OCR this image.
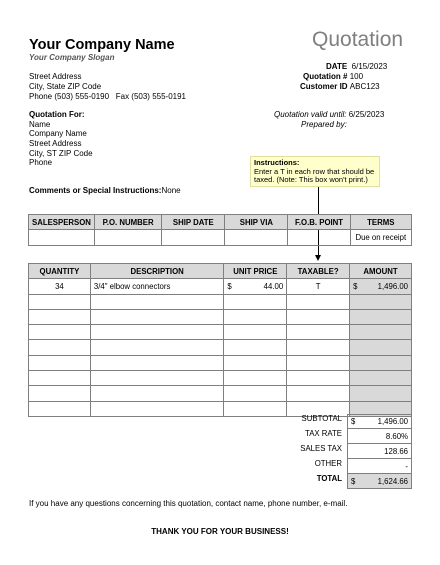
Your Company Name
Your Company Slogan
Quotation
Street Address
City, State ZIP Code
Phone (503) 555-0190 Fax (503) 555-0191
DATE 6/15/2023
Quotation # 100
Customer ID ABC123
Quotation valid until: 6/25/2023
Prepared by:
Quotation For:
Name
Company Name
Street Address
City, ST ZIP Code
Phone
Comments or Special Instructions:None
Instructions:
Enter a T in each row that should be
taxed. (Note: This box won't print.)
SALESPERSON	P.O. NUMBER	SHIP DATE	SHIP VIA	F.O.B. POINT	TERMS
					Due on receipt
QUANTITY	DESCRIPTION	UNIT PRICE	TAXABLE?	AMOUNT
34	3/4" elbow connectors	$ 44.00	T	$ 1,496.00

SUBTOTAL	$	1,496.00
TAX RATE	8.60%
SALES TAX	128.66
OTHER	-
TOTAL	$	1,624.66
If you have any questions concerning this quotation, contact name, phone number, e-mail.
THANK YOU FOR YOUR BUSINESS!
